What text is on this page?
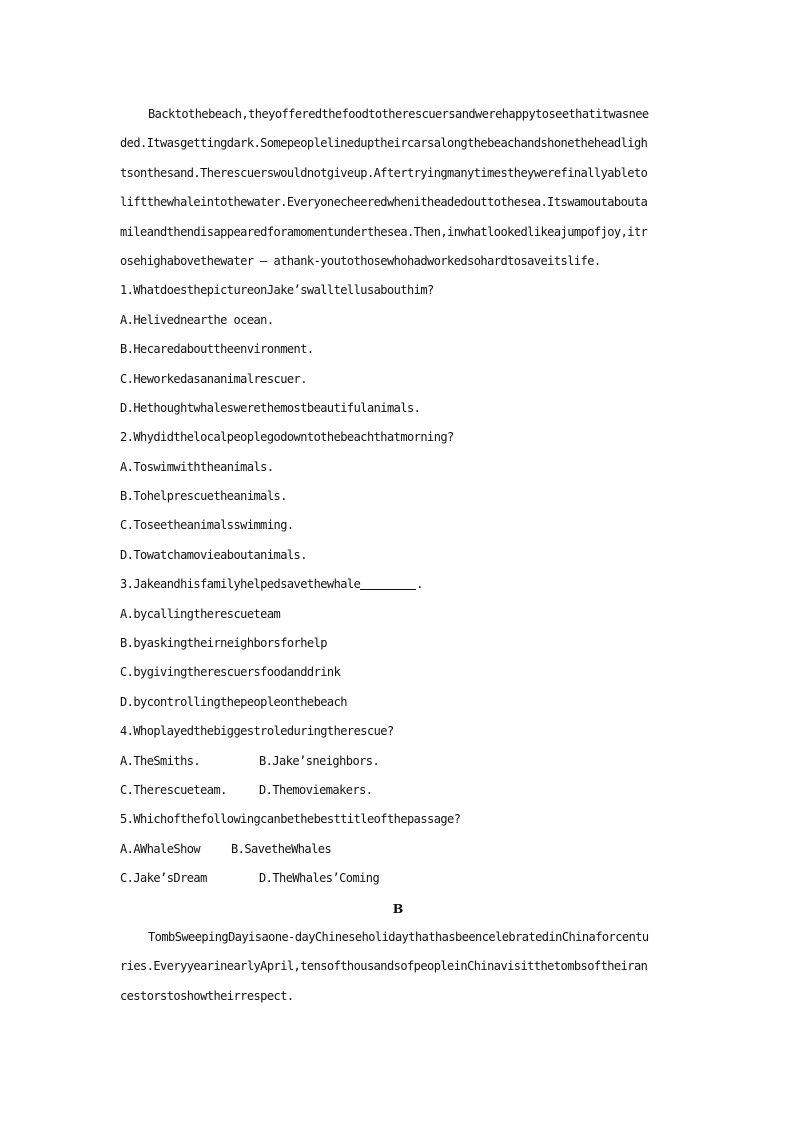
Backtothebeach,theyofferedthefoodtotherescuersandwerehappytoseethatitwasnee
ded.Itwasgettingdark.Somepeoplelineduptheircarsalongthebeachandshonetheheadligh
tsonthesand.Therescuerswouldnotgiveup.Aftertryingmanytimestheywerefinallyableto
liftthewhaleintothewater.Everyonecheeredwhenitheadedouttothesea.Itswamoutabouta
mileandthendisappearedforamomentunderthesea.Then,inwhatlookedlikeajumpofjoy,itr
osehighabovethewater — athank-youtothosewhohadworkedsohardtosaveitslife.
1.WhatdoesthepictureonJake’swalltellusabouthim?
A.Helivednearthe ocean.
B.Hecaredabouttheenvironment.
C.Heworkedasananimalrescuer.
D.Hethoughtwhaleswerethemostbeautifulanimals.
2.Whydidthelocalpeoplegodowntothebeachthatmorning?
A.Toswimwiththeanimals.
B.Tohelprescuetheanimals.
C.Toseetheanimalsswimming.
D.Towatchamovieaboutanimals.
3.Jakeandhisfamilyhelpedsavethewhale	.
A.bycallingtherescueteam
B.byaskingtheirneighborsforhelp
C.bygivingtherescuersfoodanddrink
D.bycontrollingthepeopleonthebeach
4.Whoplayedthebiggestroleduringtherescue?
A.TheSmiths.	B.Jake’sneighbors.
C.Therescueteam.	D.Themoviemakers.
5.Whichofthefollowingcanbethebesttitleofthepassage?
A.AWhaleShow	B.SavetheWhales
C.Jake’sDream	D.TheWhales’Coming
B
TombSweepingDayisaone-dayChineseholidaythathasbeencelebratedinChinaforcentu
ries.EveryyearinearlyApril,tensofthousandsofpeopleinChinavisitthetombsoftheiran
cestorstoshowtheirrespect.
